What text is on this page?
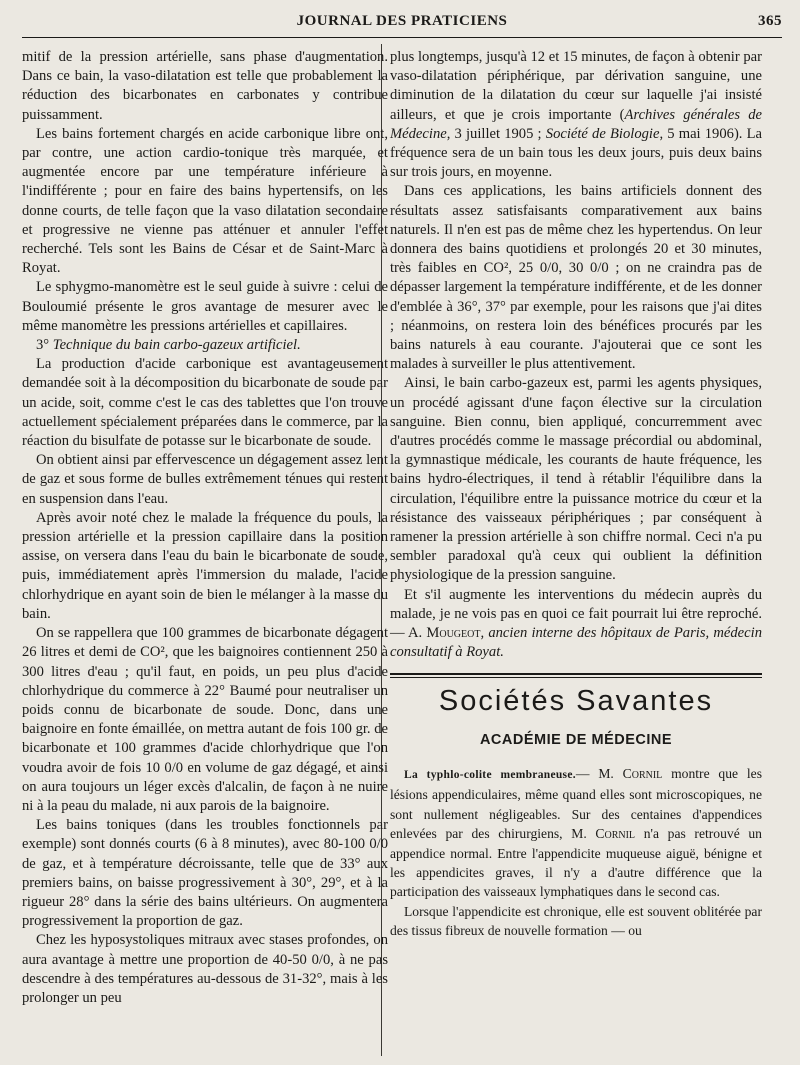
JOURNAL DES PRATICIENS	365

mitif de la pression artérielle, sans phase d'augmentation. Dans ce bain, la vaso-dilatation est telle que probablement la réduction des bicarbonates en carbonates y contribue puissamment.

Les bains fortement chargés en acide carbonique libre ont, par contre, une action cardio-tonique très marquée, et augmentée encore par une température inférieure à l'indifférente ; pour en faire des bains hypertensifs, on les donne courts, de telle façon que la vaso dilatation secondaire et progressive ne vienne pas atténuer et annuler l'effet recherché. Tels sont les Bains de César et de Saint-Marc à Royat.

Le sphygmo-manomètre est le seul guide à suivre : celui de Bouloumié présente le gros avantage de mesurer avec le même manomètre les pressions artérielles et capillaires.

3° Technique du bain carbo-gazeux artificiel.

La production d'acide carbonique est avantageusement demandée soit à la décomposition du bicarbonate de soude par un acide, soit, comme c'est le cas des tablettes que l'on trouve actuellement spécialement préparées dans le commerce, par la réaction du bisulfate de potasse sur le bicarbonate de soude.

On obtient ainsi par effervescence un dégagement assez lent de gaz et sous forme de bulles extrêmement ténues qui restent en suspension dans l'eau.

Après avoir noté chez le malade la fréquence du pouls, la pression artérielle et la pression capillaire dans la position assise, on versera dans l'eau du bain le bicarbonate de soude, puis, immédiatement après l'immersion du malade, l'acide chlorhydrique en ayant soin de bien le mélanger à la masse du bain.

On se rappellera que 100 grammes de bicarbonate dégagent 26 litres et demi de CO², que les baignoires contiennent 250 à 300 litres d'eau ; qu'il faut, en poids, un peu plus d'acide chlorhydrique du commerce à 22° Baumé pour neutraliser un poids connu de bicarbonate de soude. Donc, dans une baignoire en fonte émaillée, on mettra autant de fois 100 gr. de bicarbonate et 100 grammes d'acide chlorhydrique que l'on voudra avoir de fois 10 0/0 en volume de gaz dégagé, et ainsi on aura toujours un léger excès d'alcalin, de façon à ne nuire ni à la peau du malade, ni aux parois de la baignoire.

Les bains toniques (dans les troubles fonctionnels par exemple) sont donnés courts (6 à 8 minutes), avec 80-100 0/0 de gaz, et à température décroissante, telle que de 33° aux premiers bains, on baisse progressivement à 30°, 29°, et à la rigueur 28° dans la série des bains ultérieurs. On augmentera progressivement la proportion de gaz.

Chez les hyposystoliques mitraux avec stases profondes, on aura avantage à mettre une proportion de 40-50 0/0, à ne pas descendre à des températures au-dessous de 31-32°, mais à les prolonger un peu

plus longtemps, jusqu'à 12 et 15 minutes, de façon à obtenir par vaso-dilatation périphérique, par dérivation sanguine, une diminution de la dilatation du cœur sur laquelle j'ai insisté ailleurs, et que je crois importante (Archives générales de Médecine, 3 juillet 1905 ; Société de Biologie, 5 mai 1906). La fréquence sera de un bain tous les deux jours, puis deux bains sur trois jours, en moyenne.

Dans ces applications, les bains artificiels donnent des résultats assez satisfaisants comparativement aux bains naturels. Il n'en est pas de même chez les hypertendus. On leur donnera des bains quotidiens et prolongés 20 et 30 minutes, très faibles en CO², 25 0/0, 30 0/0 ; on ne craindra pas de dépasser largement la température indifférente, et de les donner d'emblée à 36°, 37° par exemple, pour les raisons que j'ai dites ; néanmoins, on restera loin des bénéfices procurés par les bains naturels à eau courante. J'ajouterai que ce sont les malades à surveiller le plus attentivement.

Ainsi, le bain carbo-gazeux est, parmi les agents physiques, un procédé agissant d'une façon élective sur la circulation sanguine. Bien connu, bien appliqué, concurremment avec d'autres procédés comme le massage précordial ou abdominal, la gymnastique médicale, les courants de haute fréquence, les bains hydro-électriques, il tend à rétablir l'équilibre dans la circulation, l'équilibre entre la puissance motrice du cœur et la résistance des vaisseaux périphériques ; par conséquent à ramener la pression artérielle à son chiffre normal. Ceci n'a pu sembler paradoxal qu'à ceux qui oublient la définition physiologique de la pression sanguine.

Et s'il augmente les interventions du médecin auprès du malade, je ne vois pas en quoi ce fait pourrait lui être reproché. — A. Mougeot, ancien interne des hôpitaux de Paris, médecin consultatif à Royat.

Sociétés Savantes
ACADÉMIE DE MÉDECINE

La typhlo-colite membraneuse.— M. Cornil montre que les lésions appendiculaires, même quand elles sont microscopiques, ne sont nullement négligeables. Sur des centaines d'appendices enlevées par des chirurgiens, M. Cornil n'a pas retrouvé un appendice normal. Entre l'appendicite muqueuse aiguë, bénigne et les appendicites graves, il n'y a d'autre différence que la participation des vaisseaux lymphatiques dans le second cas.

Lorsque l'appendicite est chronique, elle est souvent oblitérée par des tissus fibreux de nouvelle formation — ou
